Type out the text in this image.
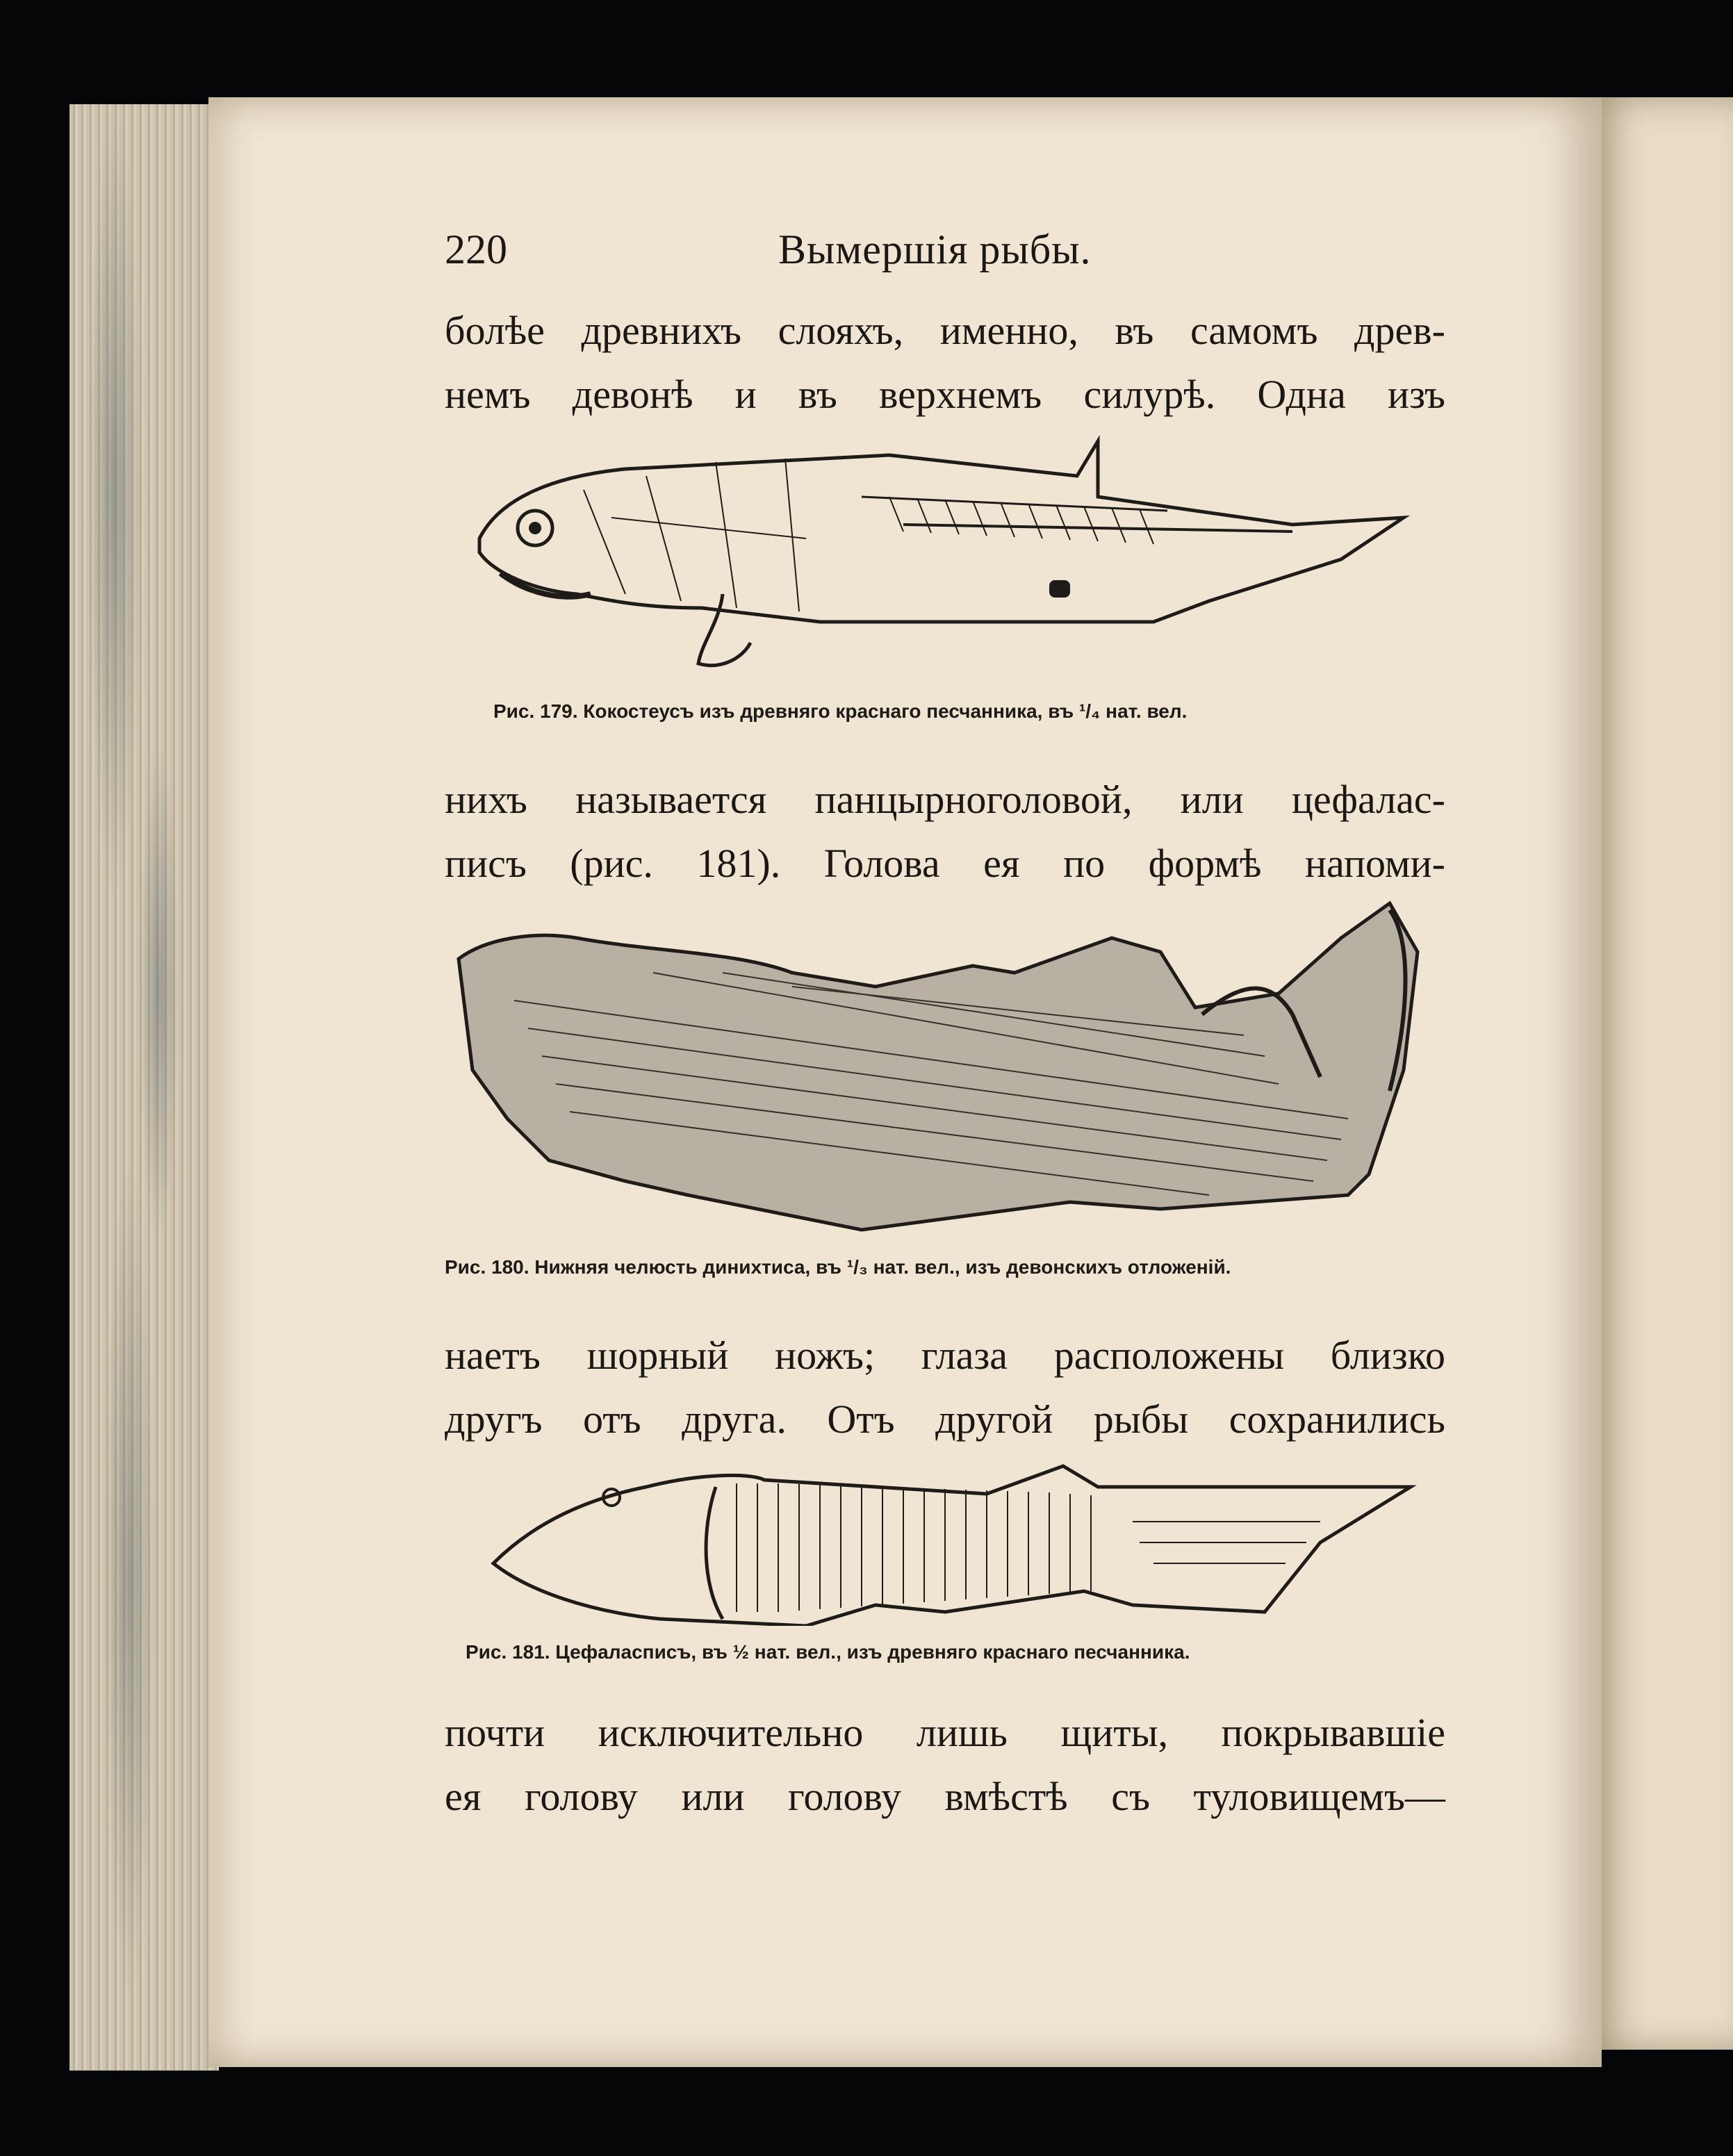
220	Вымершія рыбы.
болѣе древнихъ слояхъ, именно, въ самомъ древ-
немъ девонѣ и въ верхнемъ силурѣ. Одна изъ
Рис. 179. Кокостеусъ изъ древняго краснаго песчанника, въ ¹/₄ нат. вел.
нихъ называется панцырноголовой, или цефалас-
писъ (рис. 181). Голова ея по формѣ напоми-
Рис. 180. Нижняя челюсть динихтиса, въ ¹/₃ нат. вел., изъ девонскихъ отложеній.
наетъ шорный ножъ; глаза расположены близко
другъ отъ друга. Отъ другой рыбы сохранились
Рис. 181. Цефаласписъ, въ ½ нат. вел., изъ древняго краснаго песчанника.
почти исключительно лишь щиты, покрывавшіе
ея голову или голову вмѣстѣ съ туловищемъ—
